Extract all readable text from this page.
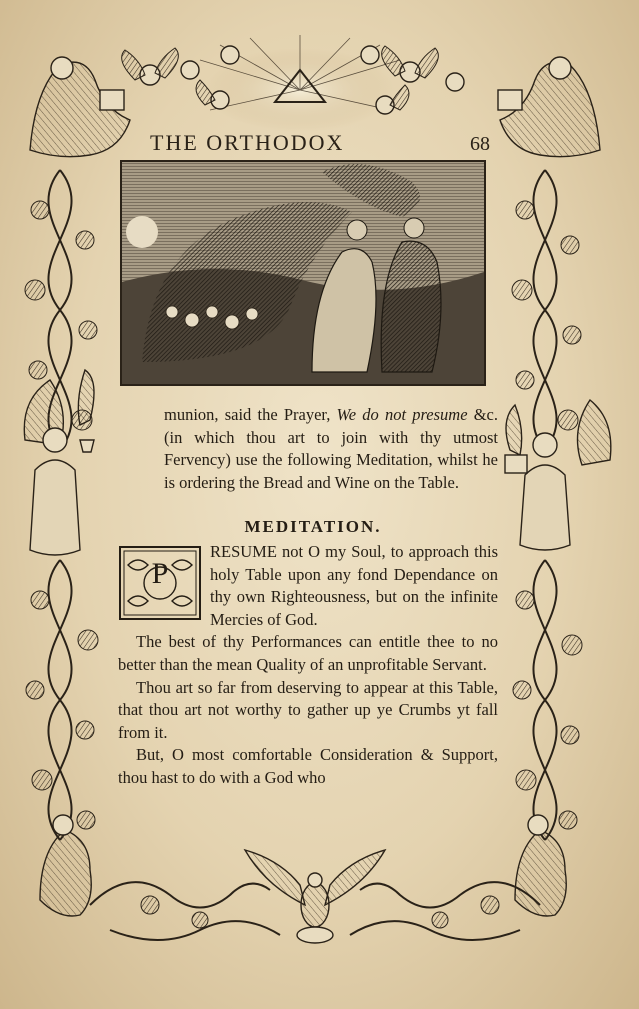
THE ORTHODOX	68

munion, said the Prayer, We do not presume &c. (in which thou art to join with thy utmost Fervency) use the following Meditation, whilst he is ordering the Bread and Wine on the Table.

MEDITATION.
P

RESUME not O my Soul, to approach this holy Table upon any fond Dependance on thy own Righteousness, but on the infinite Mercies of God.

The best of thy Performances can entitle thee to no better than the mean Quality of an unprofitable Servant.

Thou art so far from deserving to appear at this Table, that thou art not worthy to gather up ye Crumbs yt fall from it.

But, O most comfortable Consideration & Support, thou hast to do with a God who
